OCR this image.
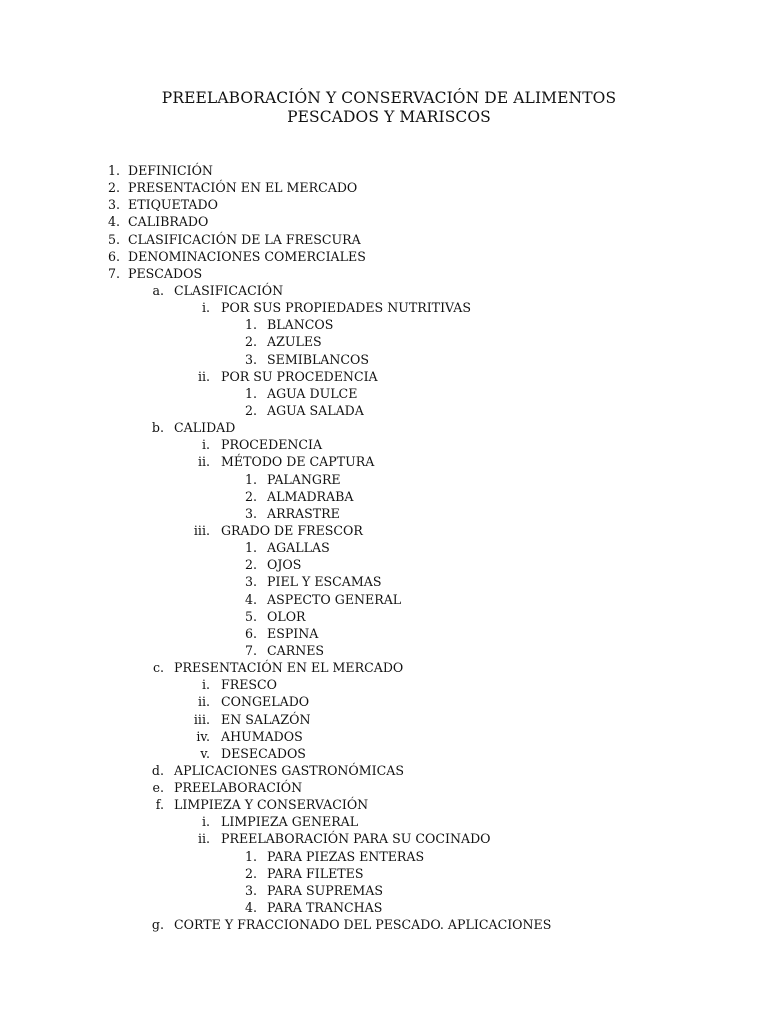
PREELABORACIÓN Y CONSERVACIÓN DE ALIMENTOS
PESCADOS Y MARISCOS
1. DEFINICIÓN
2. PRESENTACIÓN EN EL MERCADO
3. ETIQUETADO
4. CALIBRADO
5. CLASIFICACIÓN DE LA FRESCURA
6. DENOMINACIONES COMERCIALES
7. PESCADOS
a. CLASIFICACIÓN
i. POR SUS PROPIEDADES NUTRITIVAS
1. BLANCOS
2. AZULES
3. SEMIBLANCOS
ii. POR SU PROCEDENCIA
1. AGUA DULCE
2. AGUA SALADA
b. CALIDAD
i. PROCEDENCIA
ii. MÉTODO DE CAPTURA
1. PALANGRE
2. ALMADRABA
3. ARRASTRE
iii. GRADO DE FRESCOR
1. AGALLAS
2. OJOS
3. PIEL Y ESCAMAS
4. ASPECTO GENERAL
5. OLOR
6. ESPINA
7. CARNES
c. PRESENTACIÓN EN EL MERCADO
i. FRESCO
ii. CONGELADO
iii. EN SALAZÓN
iv. AHUMADOS
v. DESECADOS
d. APLICACIONES GASTRONÓMICAS
e. PREELABORACIÓN
f. LIMPIEZA Y CONSERVACIÓN
i. LIMPIEZA GENERAL
ii. PREELABORACIÓN PARA SU COCINADO
1. PARA PIEZAS ENTERAS
2. PARA FILETES
3. PARA SUPREMAS
4. PARA TRANCHAS
g. CORTE Y FRACCIONADO DEL PESCADO. APLICACIONES
